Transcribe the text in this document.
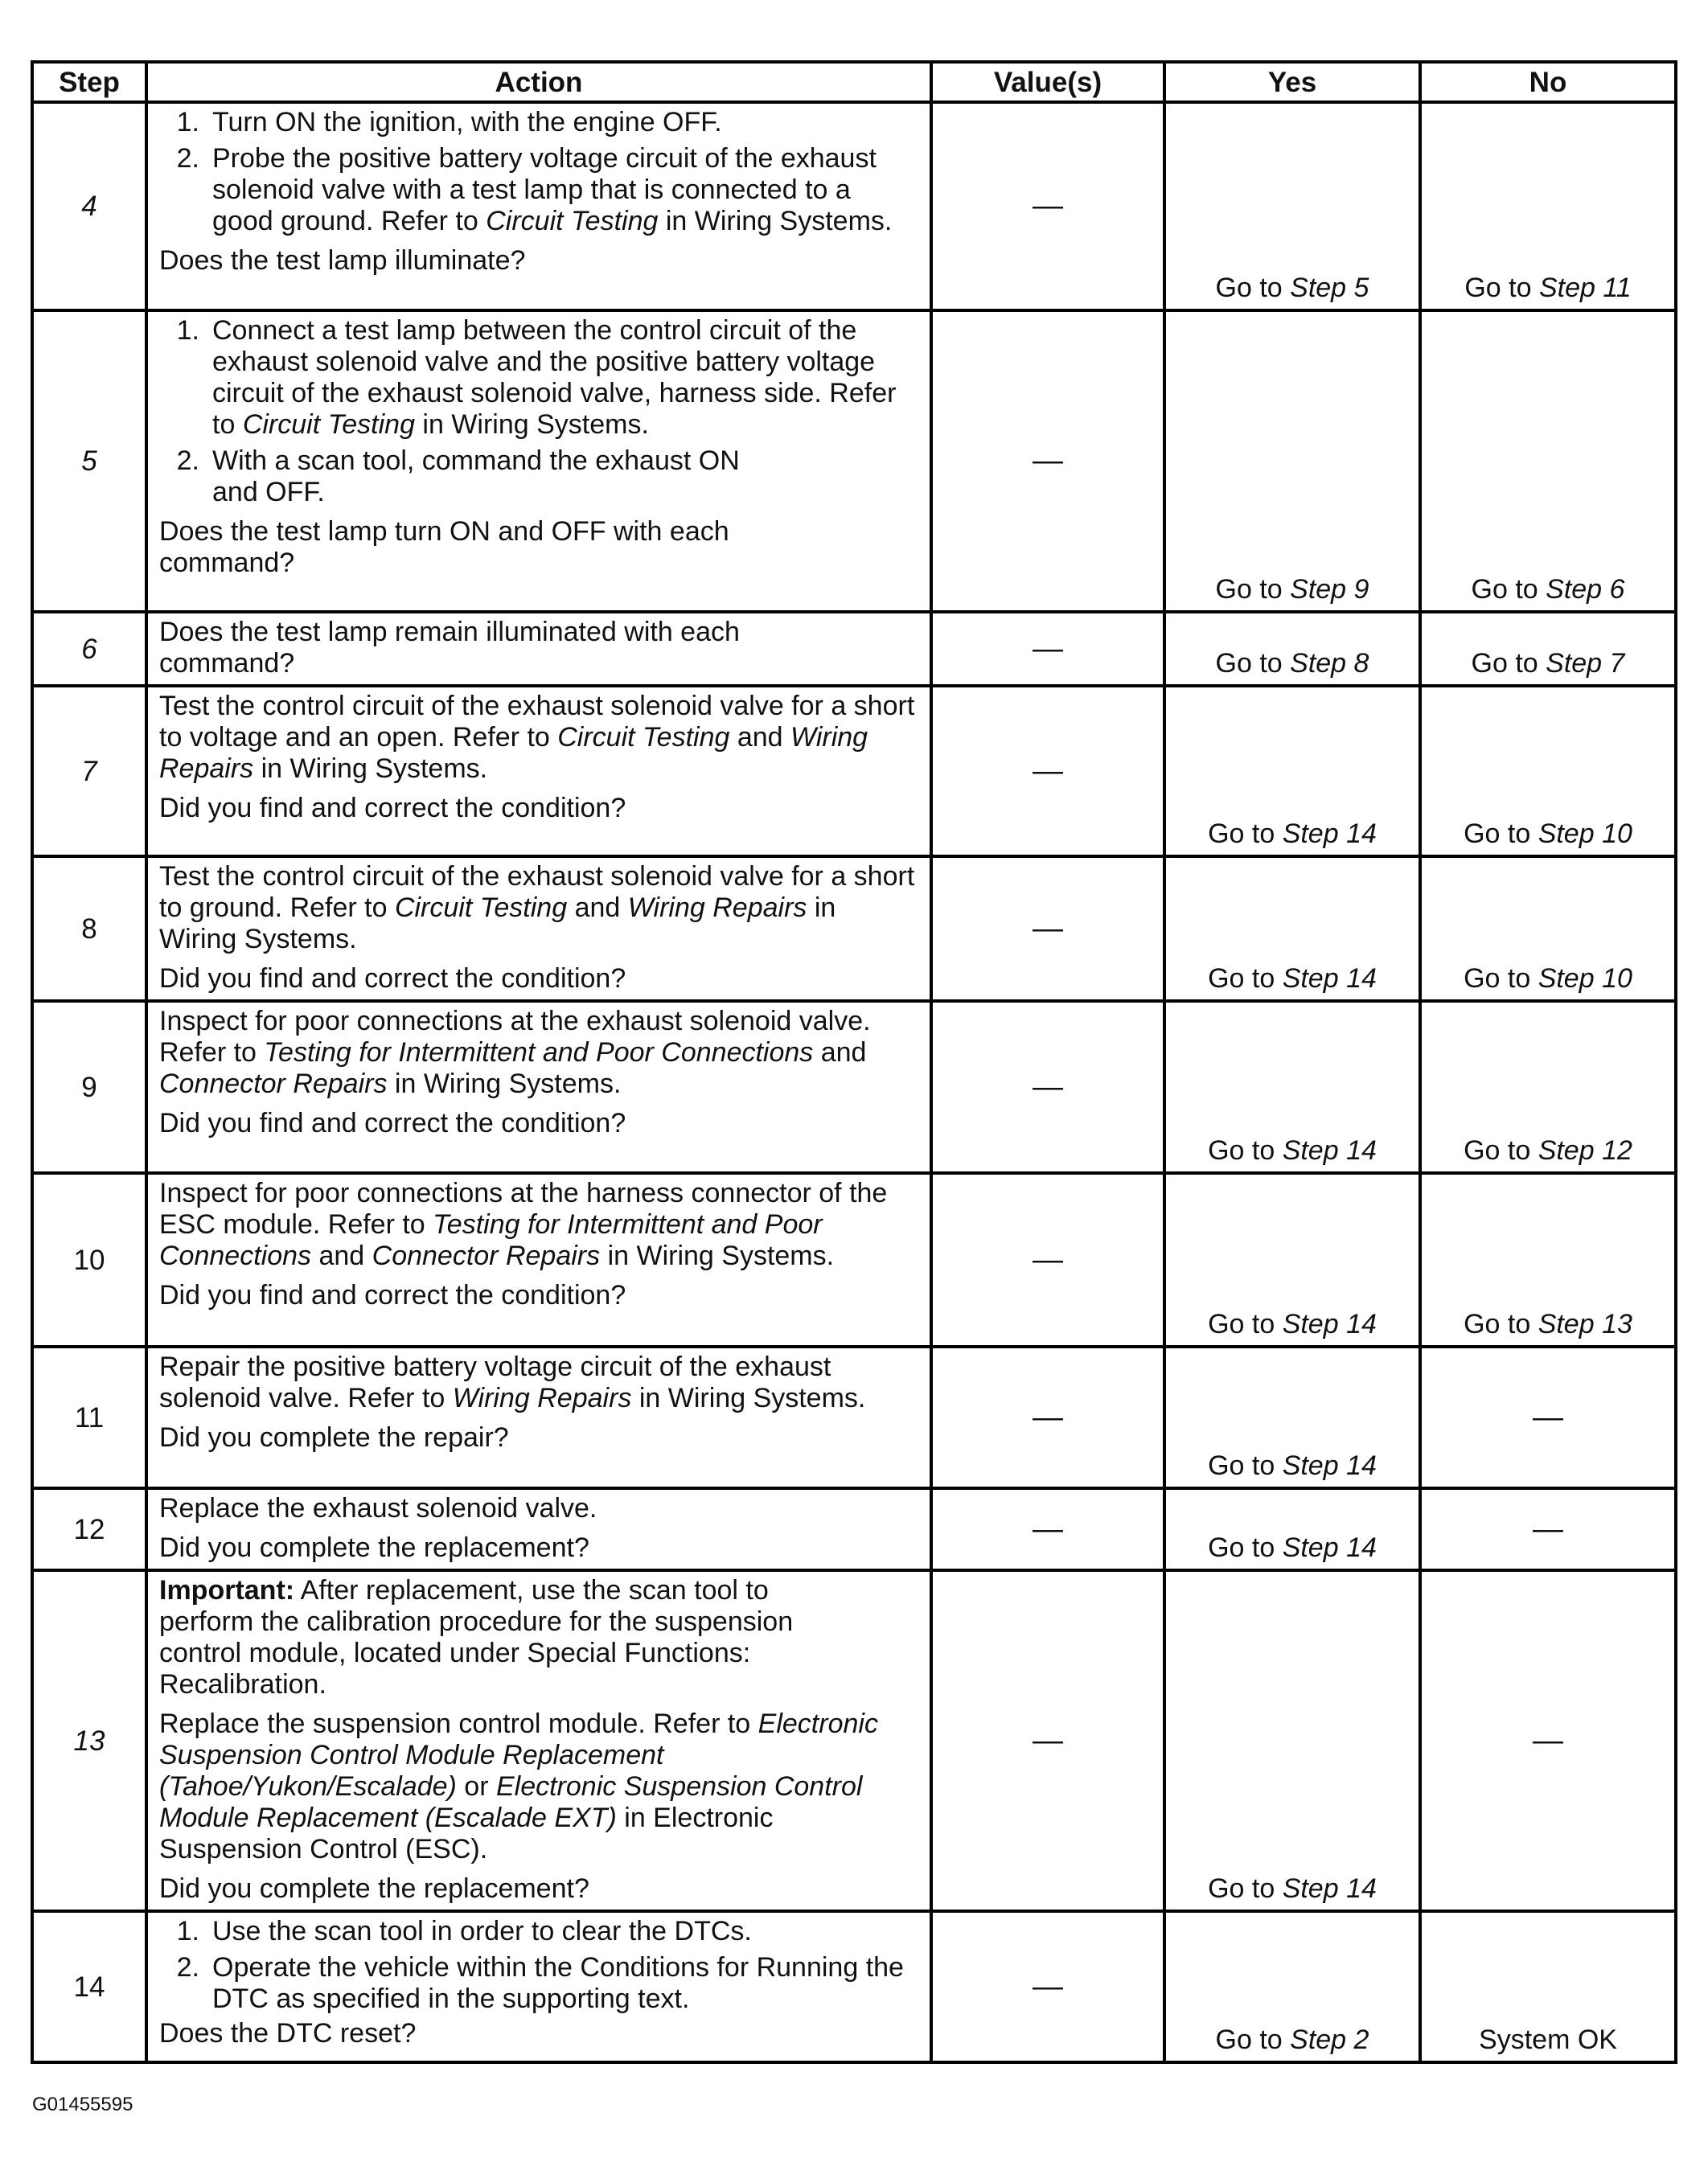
Step	Action	Value(s)	Yes	No
4	1. Turn ON the ignition, with the engine OFF.
2. Probe the positive battery voltage circuit of the exhaust solenoid valve with a test lamp that is connected to a good ground. Refer to Circuit Testing in Wiring Systems.
Does the test lamp illuminate?	—	Go to Step 5	Go to Step 11
5	1. Connect a test lamp between the control circuit of the exhaust solenoid valve and the positive battery voltage circuit of the exhaust solenoid valve, harness side. Refer to Circuit Testing in Wiring Systems.
2. With a scan tool, command the exhaust ON and OFF.
Does the test lamp turn ON and OFF with each command?	—	Go to Step 9	Go to Step 6
6	Does the test lamp remain illuminated with each command?	—	Go to Step 8	Go to Step 7
7	Test the control circuit of the exhaust solenoid valve for a short to voltage and an open. Refer to Circuit Testing and Wiring Repairs in Wiring Systems.
Did you find and correct the condition?	—	Go to Step 14	Go to Step 10
8	Test the control circuit of the exhaust solenoid valve for a short to ground. Refer to Circuit Testing and Wiring Repairs in Wiring Systems.
Did you find and correct the condition?	—	Go to Step 14	Go to Step 10
9	Inspect for poor connections at the exhaust solenoid valve. Refer to Testing for Intermittent and Poor Connections and Connector Repairs in Wiring Systems.
Did you find and correct the condition?	—	Go to Step 14	Go to Step 12
10	Inspect for poor connections at the harness connector of the ESC module. Refer to Testing for Intermittent and Poor Connections and Connector Repairs in Wiring Systems.
Did you find and correct the condition?	—	Go to Step 14	Go to Step 13
11	Repair the positive battery voltage circuit of the exhaust solenoid valve. Refer to Wiring Repairs in Wiring Systems.
Did you complete the repair?	—	Go to Step 14	—
12	Replace the exhaust solenoid valve.
Did you complete the replacement?	—	Go to Step 14	—
13	Important: After replacement, use the scan tool to perform the calibration procedure for the suspension control module, located under Special Functions: Recalibration.
Replace the suspension control module. Refer to Electronic Suspension Control Module Replacement (Tahoe/Yukon/Escalade) or Electronic Suspension Control Module Replacement (Escalade EXT) in Electronic Suspension Control (ESC).
Did you complete the replacement?	—	Go to Step 14	—
14	1. Use the scan tool in order to clear the DTCs.
2. Operate the vehicle within the Conditions for Running the DTC as specified in the supporting text.
Does the DTC reset?	—	Go to Step 2	System OK
G01455595
